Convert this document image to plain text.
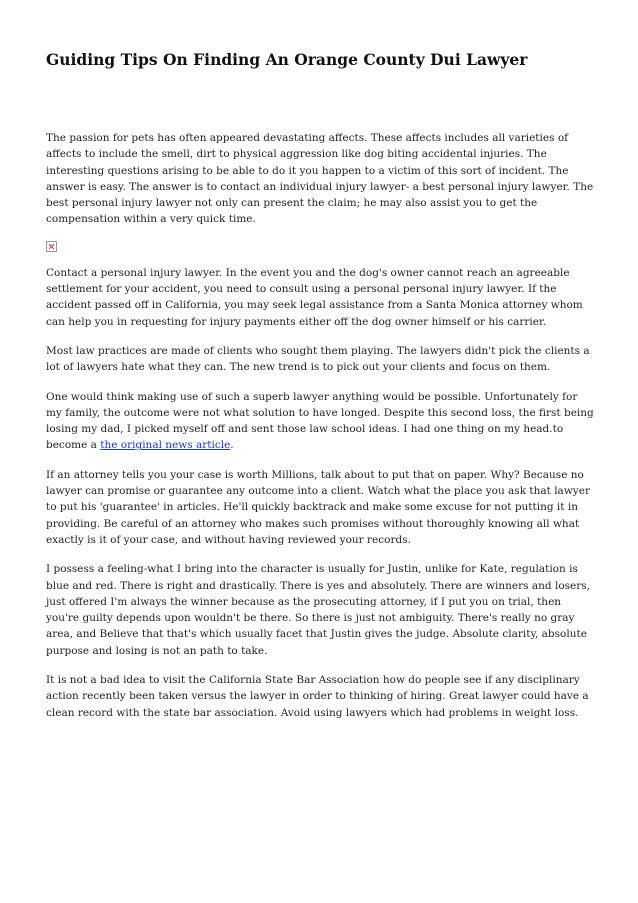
Guiding Tips On Finding An Orange County Dui Lawyer

The passion for pets has often appeared devastating affects. These affects includes all varieties of affects to include the smell, dirt to physical aggression like dog biting accidental injuries. The interesting questions arising to be able to do it you happen to a victim of this sort of incident. The answer is easy. The answer is to contact an individual injury lawyer- a best personal injury lawyer. The best personal injury lawyer not only can present the claim; he may also assist you to get the compensation within a very quick time.

Contact a personal injury lawyer. In the event you and the dog's owner cannot reach an agreeable settlement for your accident, you need to consult using a personal personal injury lawyer. If the accident passed off in California, you may seek legal assistance from a Santa Monica attorney whom can help you in requesting for injury payments either off the dog owner himself or his carrier.

Most law practices are made of clients who sought them playing. The lawyers didn't pick the clients a lot of lawyers hate what they can. The new trend is to pick out your clients and focus on them.

One would think making use of such a superb lawyer anything would be possible. Unfortunately for my family, the outcome were not what solution to have longed. Despite this second loss, the first being losing my dad, I picked myself off and sent those law school ideas. I had one thing on my head.to become a the original news article.

If an attorney tells you your case is worth Millions, talk about to put that on paper. Why? Because no lawyer can promise or guarantee any outcome into a client. Watch what the place you ask that lawyer to put his 'guarantee' in articles. He'll quickly backtrack and make some excuse for not putting it in providing. Be careful of an attorney who makes such promises without thoroughly knowing all what exactly is it of your case, and without having reviewed your records.

I possess a feeling-what I bring into the character is usually for Justin, unlike for Kate, regulation is blue and red. There is right and drastically. There is yes and absolutely. There are winners and losers, just offered I'm always the winner because as the prosecuting attorney, if I put you on trial, then you're guilty depends upon wouldn't be there. So there is just not ambiguity. There's really no gray area, and Believe that that's which usually facet that Justin gives the judge. Absolute clarity, absolute purpose and losing is not an path to take.

It is not a bad idea to visit the California State Bar Association how do people see if any disciplinary action recently been taken versus the lawyer in order to thinking of hiring. Great lawyer could have a clean record with the state bar association. Avoid using lawyers which had problems in weight loss.
